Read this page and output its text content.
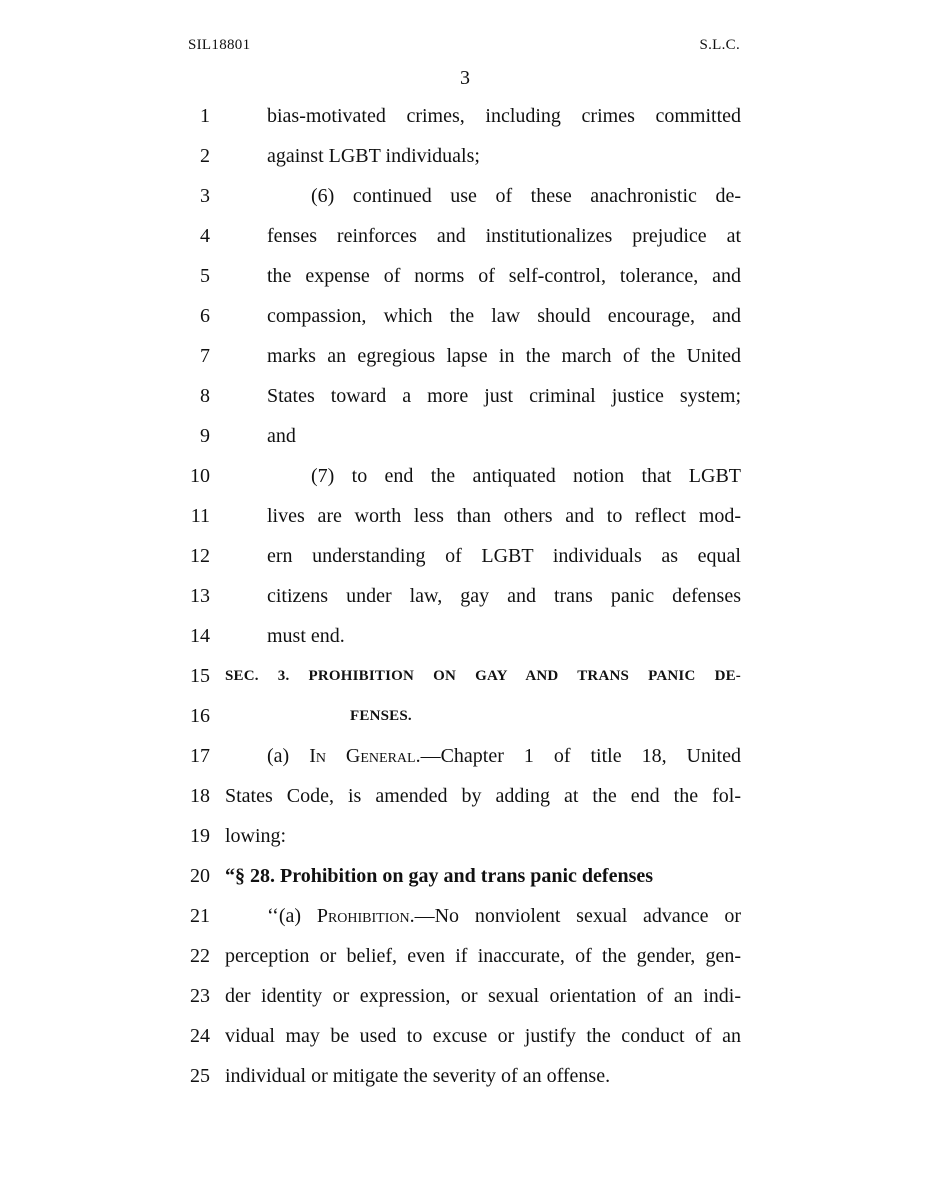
SIL18801	S.L.C.
3
1	bias-motivated crimes, including crimes committed
2	against LGBT individuals;
3	(6) continued use of these anachronistic de-
4	fenses reinforces and institutionalizes prejudice at
5	the expense of norms of self-control, tolerance, and
6	compassion, which the law should encourage, and
7	marks an egregious lapse in the march of the United
8	States toward a more just criminal justice system;
9	and
10	(7) to end the antiquated notion that LGBT
11	lives are worth less than others and to reflect mod-
12	ern understanding of LGBT individuals as equal
13	citizens under law, gay and trans panic defenses
14	must end.
15 SEC. 3. PROHIBITION ON GAY AND TRANS PANIC DE-
16	FENSES.
17	(a) In General.—Chapter 1 of title 18, United
18 States Code, is amended by adding at the end the fol-
19 lowing:
20 “§ 28. Prohibition on gay and trans panic defenses
21	‘‘(a) Prohibition.—No nonviolent sexual advance or
22 perception or belief, even if inaccurate, of the gender, gen-
23 der identity or expression, or sexual orientation of an indi-
24 vidual may be used to excuse or justify the conduct of an
25 individual or mitigate the severity of an offense.
